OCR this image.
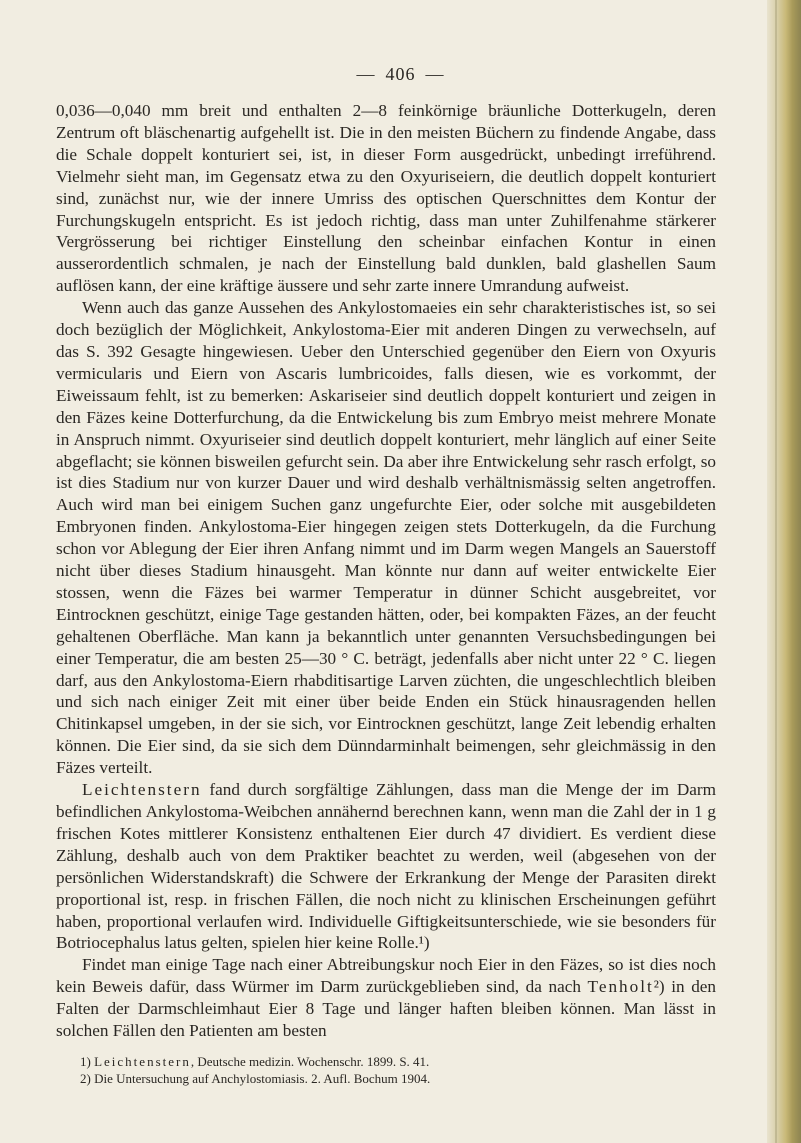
— 406 —

0,036—0,040 mm breit und enthalten 2—8 feinkörnige bräunliche Dotterkugeln, deren Zentrum oft bläschenartig aufgehellt ist. Die in den meisten Büchern zu findende Angabe, dass die Schale doppelt konturiert sei, ist, in dieser Form ausgedrückt, unbedingt irreführend. Vielmehr sieht man, im Gegensatz etwa zu den Oxyuriseiern, die deutlich doppelt konturiert sind, zunächst nur, wie der innere Umriss des optischen Querschnittes dem Kontur der Furchungskugeln entspricht. Es ist jedoch richtig, dass man unter Zuhilfenahme stärkerer Vergrösserung bei richtiger Einstellung den scheinbar einfachen Kontur in einen ausserordentlich schmalen, je nach der Einstellung bald dunklen, bald glashellen Saum auflösen kann, der eine kräftige äussere und sehr zarte innere Umrandung aufweist.

Wenn auch das ganze Aussehen des Ankylostomaeies ein sehr charakteristisches ist, so sei doch bezüglich der Möglichkeit, Ankylostoma-Eier mit anderen Dingen zu verwechseln, auf das S. 392 Gesagte hingewiesen. Ueber den Unterschied gegenüber den Eiern von Oxyuris vermicularis und Eiern von Ascaris lumbricoides, falls diesen, wie es vorkommt, der Eiweissaum fehlt, ist zu bemerken: Askariseier sind deutlich doppelt konturiert und zeigen in den Fäzes keine Dotterfurchung, da die Entwickelung bis zum Embryo meist mehrere Monate in Anspruch nimmt. Oxyuriseier sind deutlich doppelt konturiert, mehr länglich auf einer Seite abgeflacht; sie können bisweilen gefurcht sein. Da aber ihre Entwickelung sehr rasch erfolgt, so ist dies Stadium nur von kurzer Dauer und wird deshalb verhältnismässig selten angetroffen. Auch wird man bei einigem Suchen ganz ungefurchte Eier, oder solche mit ausgebildeten Embryonen finden. Ankylostoma-Eier hingegen zeigen stets Dotterkugeln, da die Furchung schon vor Ablegung der Eier ihren Anfang nimmt und im Darm wegen Mangels an Sauerstoff nicht über dieses Stadium hinausgeht. Man könnte nur dann auf weiter entwickelte Eier stossen, wenn die Fäzes bei warmer Temperatur in dünner Schicht ausgebreitet, vor Eintrocknen geschützt, einige Tage gestanden hätten, oder, bei kompakten Fäzes, an der feucht gehaltenen Oberfläche. Man kann ja bekanntlich unter genannten Versuchsbedingungen bei einer Temperatur, die am besten 25—30 ° C. beträgt, jedenfalls aber nicht unter 22 ° C. liegen darf, aus den Ankylostoma-Eiern rhabditisartige Larven züchten, die ungeschlechtlich bleiben und sich nach einiger Zeit mit einer über beide Enden ein Stück hinausragenden hellen Chitinkapsel umgeben, in der sie sich, vor Eintrocknen geschützt, lange Zeit lebendig erhalten können. Die Eier sind, da sie sich dem Dünndarminhalt beimengen, sehr gleichmässig in den Fäzes verteilt.

Leichtenstern fand durch sorgfältige Zählungen, dass man die Menge der im Darm befindlichen Ankylostoma-Weibchen annähernd berechnen kann, wenn man die Zahl der in 1 g frischen Kotes mittlerer Konsistenz enthaltenen Eier durch 47 dividiert. Es verdient diese Zählung, deshalb auch von dem Praktiker beachtet zu werden, weil (abgesehen von der persönlichen Widerstandskraft) die Schwere der Erkrankung der Menge der Parasiten direkt proportional ist, resp. in frischen Fällen, die noch nicht zu klinischen Erscheinungen geführt haben, proportional verlaufen wird. Individuelle Giftigkeitsunterschiede, wie sie besonders für Botriocephalus latus gelten, spielen hier keine Rolle.¹)

Findet man einige Tage nach einer Abtreibungskur noch Eier in den Fäzes, so ist dies noch kein Beweis dafür, dass Würmer im Darm zurückgeblieben sind, da nach Tenholt²) in den Falten der Darmschleimhaut Eier 8 Tage und länger haften bleiben können. Man lässt in solchen Fällen den Patienten am besten

1) Leichtenstern, Deutsche medizin. Wochenschr. 1899. S. 41.
2) Die Untersuchung auf Anchylostomiasis. 2. Aufl. Bochum 1904.
